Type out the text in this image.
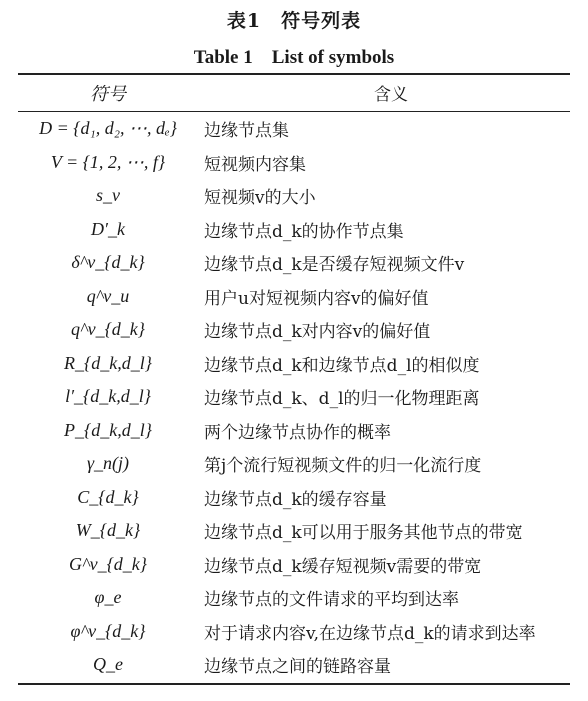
表1　符号列表
Table 1　List of symbols
符号	含义
D = {d₁, d₂, ⋯, dₑ}	边缘节点集
V = {1, 2, ⋯, f}	短视频内容集
s_v	短视频v的大小
D′_k	边缘节点d_k的协作节点集
δ^v_{d_k}	边缘节点d_k是否缓存短视频文件v
q^v_u	用户u对短视频内容v的偏好值
q^v_{d_k}	边缘节点d_k对内容v的偏好值
R_{d_k,d_l}	边缘节点d_k和边缘节点d_l的相似度
l′_{d_k,d_l}	边缘节点d_k、d_l的归一化物理距离
P_{d_k,d_l}	两个边缘节点协作的概率
γ_n(j)	第j个流行短视频文件的归一化流行度
C_{d_k}	边缘节点d_k的缓存容量
W_{d_k}	边缘节点d_k可以用于服务其他节点的带宽
G^v_{d_k}	边缘节点d_k缓存短视频v需要的带宽
φ_e	边缘节点的文件请求的平均到达率
φ^v_{d_k}	对于请求内容v,在边缘节点d_k的请求到达率
Q_e	边缘节点之间的链路容量
